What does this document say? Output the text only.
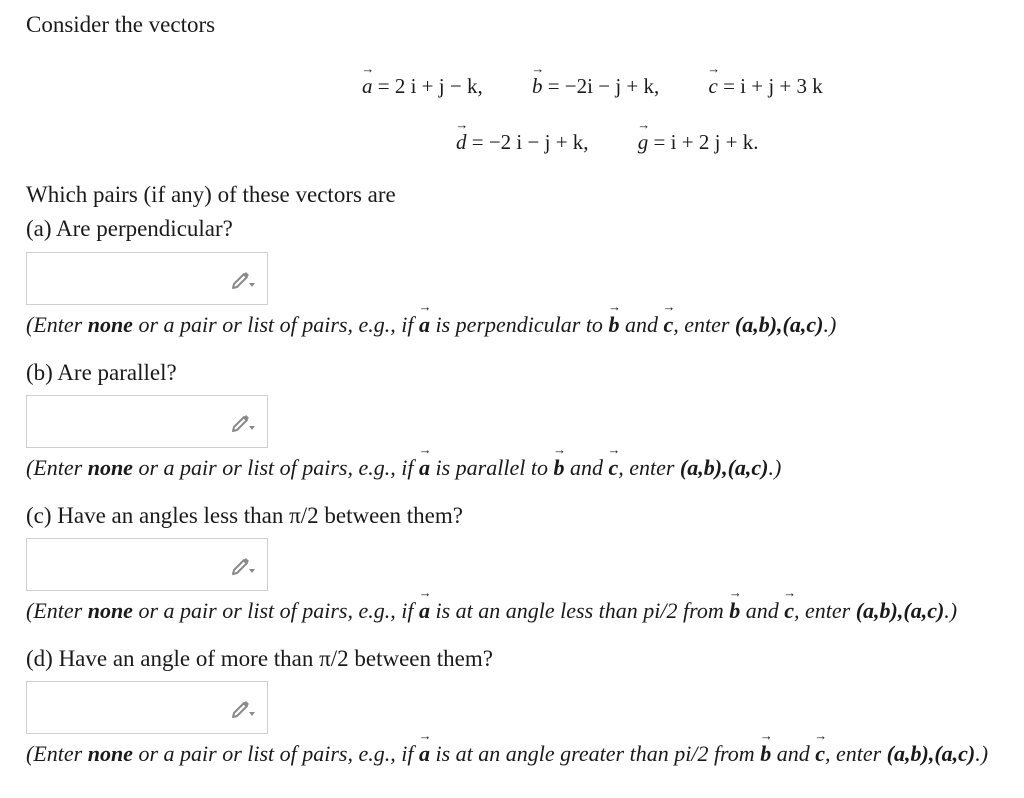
Consider the vectors
→ a = 2 i + j − k, → b = −2i − j + k, → c = i + j + 3 k
→ d = −2 i − j + k, → g = i + 2 j + k.
Which pairs (if any) of these vectors are
(a) Are perpendicular?
(Enter none or a pair or list of pairs, e.g., if → a is perpendicular to → b and → c, enter (a,b),(a,c).)
(b) Are parallel?
(Enter none or a pair or list of pairs, e.g., if → a is parallel to → b and → c, enter (a,b),(a,c).)
(c) Have an angles less than π/2 between them?
(Enter none or a pair or list of pairs, e.g., if → a is at an angle less than pi/2 from → b and → c, enter (a,b),(a,c).)
(d) Have an angle of more than π/2 between them?
(Enter none or a pair or list of pairs, e.g., if → a is at an angle greater than pi/2 from → b and → c, enter (a,b),(a,c).)
